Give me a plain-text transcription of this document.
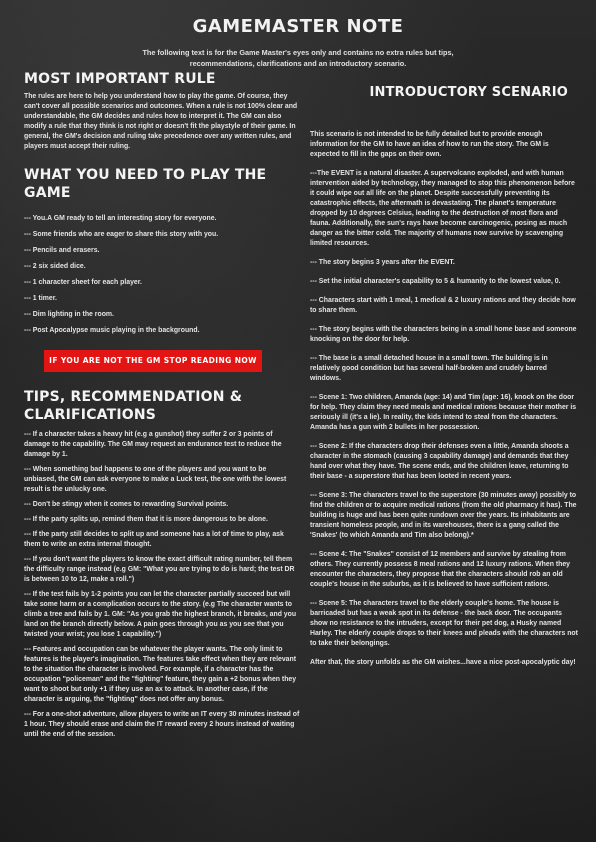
GAMEMASTER NOTE
The following text is for the Game Master's eyes only and contains no extra rules but tips, recommendations, clarifications and an introductory scenario.
MOST IMPORTANT RULE

The rules are here to help you understand how to play the game. Of course, they can't cover all possible scenarios and outcomes. When a rule is not 100% clear and understandable, the GM decides and rules how to interpret it. The GM can also modify a rule that they think is not right or doesn't fit the playstyle of their game. In general, the GM's decision and ruling take precedence over any written rules, and players must accept their ruling.

WHAT YOU NEED TO PLAY THE GAME
--- You.A GM ready to tell an interesting story for everyone.
--- Some friends who are eager to share this story with you.
--- Pencils and erasers.
--- 2 six sided dice.
--- 1 character sheet for each player.
--- 1 timer.
--- Dim lighting in the room.
--- Post Apocalypse music playing in the background.
IF YOU ARE NOT THE GM STOP READING NOW
TIPS, RECOMMENDATION & CLARIFICATIONS

--- If a character takes a heavy hit (e.g a gunshot) they suffer 2 or 3 points of damage to the capability. The GM may request an endurance test to reduce the damage by 1.

--- When something bad happens to one of the players and you want to be unbiased, the GM can ask everyone to make a Luck test, the one with the lowest result is the unlucky one.

--- Don't be stingy when it comes to rewarding Survival points.

--- If the party splits up, remind them that it is more dangerous to be alone.

--- If the party still decides to split up and someone has a lot of time to play, ask them to write an extra internal thought.

--- If you don't want the players to know the exact difficult rating number, tell them the difficulty range instead (e.g GM: "What you are trying to do is hard; the test DR is between 10 to 12, make a roll.")

--- If the test fails by 1-2 points you can let the character partially succeed but will take some harm or a complication occurs to the story. (e.g The character wants to climb a tree and fails by 1. GM: "As you grab the highest branch, it breaks, and you land on the branch directly below. A pain goes through you as you see that you twisted your wrist; you lose 1 capability.")

--- Features and occupation can be whatever the player wants. The only limit to features is the player's imagination. The features take effect when they are relevant to the situation the character is involved. For example, if a character has the occupation "policeman" and the "fighting" feature, they gain a +2 bonus when they want to shoot but only +1 if they use an ax to attack. In another case, if the character is arguing, the "fighting" does not offer any bonus.

--- For a one-shot adventure, allow players to write an IT every 30 minutes instead of 1 hour. They should erase and claim the IT reward every 2 hours instead of waiting until the end of the session.

INTRODUCTORY SCENARIO

This scenario is not intended to be fully detailed but to provide enough information for the GM to have an idea of how to run the story. The GM is expected to fill in the gaps on their own.

---The EVENT is a natural disaster. A supervolcano exploded, and with human intervention aided by technology, they managed to stop this phenomenon before it could wipe out all life on the planet. Despite successfully preventing its catastrophic effects, the aftermath is devastating. The planet's temperature dropped by 10 degrees Celsius, leading to the destruction of most flora and fauna. Additionally, the sun's rays have become carcinogenic, posing as much danger as the bitter cold. The majority of humans now survive by scavenging limited resources.

--- The story begins 3 years after the EVENT.

--- Set the initial character's capability to 5 & humanity to the lowest value, 0.

--- Characters start with 1 meal, 1 medical & 2 luxury rations and they decide how to share them.

--- The story begins with the characters being in a small home base and someone knocking on the door for help.

--- The base is a small detached house in a small town. The building is in relatively good condition but has several half-broken and crudely barred windows.

--- Scene 1: Two children, Amanda (age: 14) and Tim (age: 16), knock on the door for help. They claim they need meals and medical rations because their mother is seriously ill (it's a lie). In reality, the kids intend to steal from the characters. Amanda has a gun with 2 bullets in her possession.

--- Scene 2: If the characters drop their defenses even a little, Amanda shoots a character in the stomach (causing 3 capability damage) and demands that they hand over what they have. The scene ends, and the children leave, returning to their base - a superstore that has been looted in recent years.

--- Scene 3: The characters travel to the superstore (30 minutes away) possibly to find the children or to acquire medical rations (from the old pharmacy it has). The building is huge and has been quite rundown over the years. Its inhabitants are transient homeless people, and in its warehouses, there is a gang called the 'Snakes' (to which Amanda and Tim also belong).*

--- Scene 4: The "Snakes" consist of 12 members and survive by stealing from others. They currently possess 8 meal rations and 12 luxury rations. When they encounter the characters, they propose that the characters should rob an old couple's house in the suburbs, as it is believed to have sufficient rations.

--- Scene 5: The characters travel to the elderly couple's home. The house is barricaded but has a weak spot in its defense - the back door. The occupants show no resistance to the intruders, except for their pet dog, a Husky named Harley. The elderly couple drops to their knees and pleads with the characters not to take their belongings.

After that, the story unfolds as the GM wishes...have a nice post-apocalyptic day!
